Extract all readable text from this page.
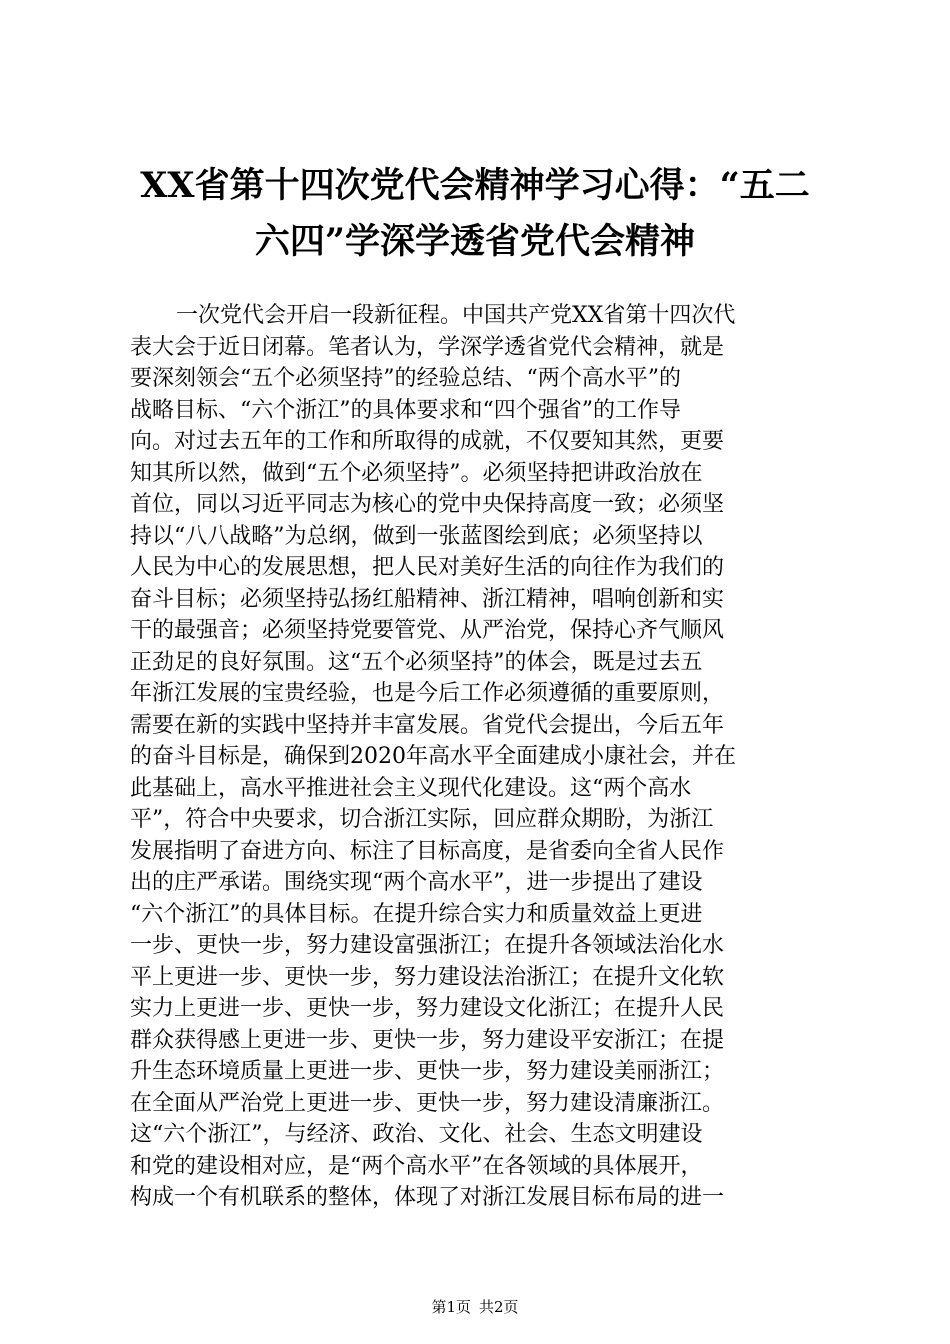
XX省第十四次党代会精神学习心得：“五二
六四”学深学透省党代会精神
一次党代会开启一段新征程。中国共产党XX省第十四次代
表大会于近日闭幕。笔者认为，学深学透省党代会精神，就是
要深刻领会“五个必须坚持”的经验总结、“两个高水平”的
战略目标、“六个浙江”的具体要求和“四个强省”的工作导
向。对过去五年的工作和所取得的成就，不仅要知其然，更要
知其所以然，做到“五个必须坚持”。必须坚持把讲政治放在
首位，同以习近平同志为核心的党中央保持高度一致；必须坚
持以“八八战略”为总纲，做到一张蓝图绘到底；必须坚持以
人民为中心的发展思想，把人民对美好生活的向往作为我们的
奋斗目标；必须坚持弘扬红船精神、浙江精神，唱响创新和实
干的最强音；必须坚持党要管党、从严治党，保持心齐气顺风
正劲足的良好氛围。这“五个必须坚持”的体会，既是过去五
年浙江发展的宝贵经验，也是今后工作必须遵循的重要原则，
需要在新的实践中坚持并丰富发展。省党代会提出，今后五年
的奋斗目标是，确保到2020年高水平全面建成小康社会，并在
此基础上，高水平推进社会主义现代化建设。这“两个高水
平”，符合中央要求，切合浙江实际，回应群众期盼，为浙江
发展指明了奋进方向、标注了目标高度，是省委向全省人民作
出的庄严承诺。围绕实现“两个高水平”，进一步提出了建设
“六个浙江”的具体目标。在提升综合实力和质量效益上更进
一步、更快一步，努力建设富强浙江；在提升各领域法治化水
平上更进一步、更快一步，努力建设法治浙江；在提升文化软
实力上更进一步、更快一步，努力建设文化浙江；在提升人民
群众获得感上更进一步、更快一步，努力建设平安浙江；在提
升生态环境质量上更进一步、更快一步，努力建设美丽浙江；
在全面从严治党上更进一步、更快一步，努力建设清廉浙江。
这“六个浙江”，与经济、政治、文化、社会、生态文明建设
和党的建设相对应，是“两个高水平”在各领域的具体展开，
构成一个有机联系的整体，体现了对浙江发展目标布局的进一
第1页 共2页
